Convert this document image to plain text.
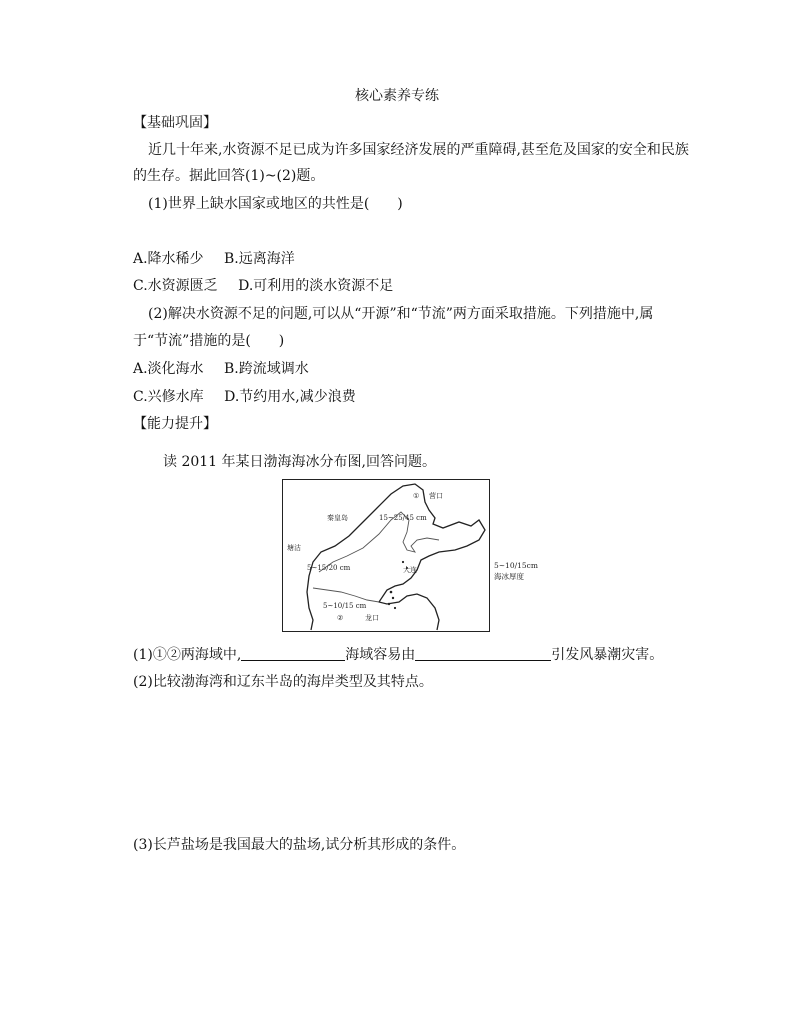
核心素养专练
【基础巩固】
近几十年来,水资源不足已成为许多国家经济发展的严重障碍,甚至危及国家的安全和民族
的生存。据此回答(1)~(2)题。
(1)世界上缺水国家或地区的共性是(　　)
A.降水稀少 B.远离海洋
C.水资源匮乏 D.可利用的淡水资源不足
(2)解决水资源不足的问题,可以从“开源”和“节流”两方面采取措施。下列措施中,属
于“节流”措施的是(　　)
A.淡化海水 B.跨流域调水
C.兴修水库 D.节约用水,减少浪费
【能力提升】
读 2011 年某日渤海海冰分布图,回答问题。
① 营口
秦皇岛	15~25/45 cm
塘沽
5~15/20 cm	大连
5~10/15 cm
②	龙口
5~10/15cm
海冰厚度
(1)①②两海域中,	海域容易由	引发风暴潮灾害。
(2)比较渤海湾和辽东半岛的海岸类型及其特点。
(3)长芦盐场是我国最大的盐场,试分析其形成的条件。
